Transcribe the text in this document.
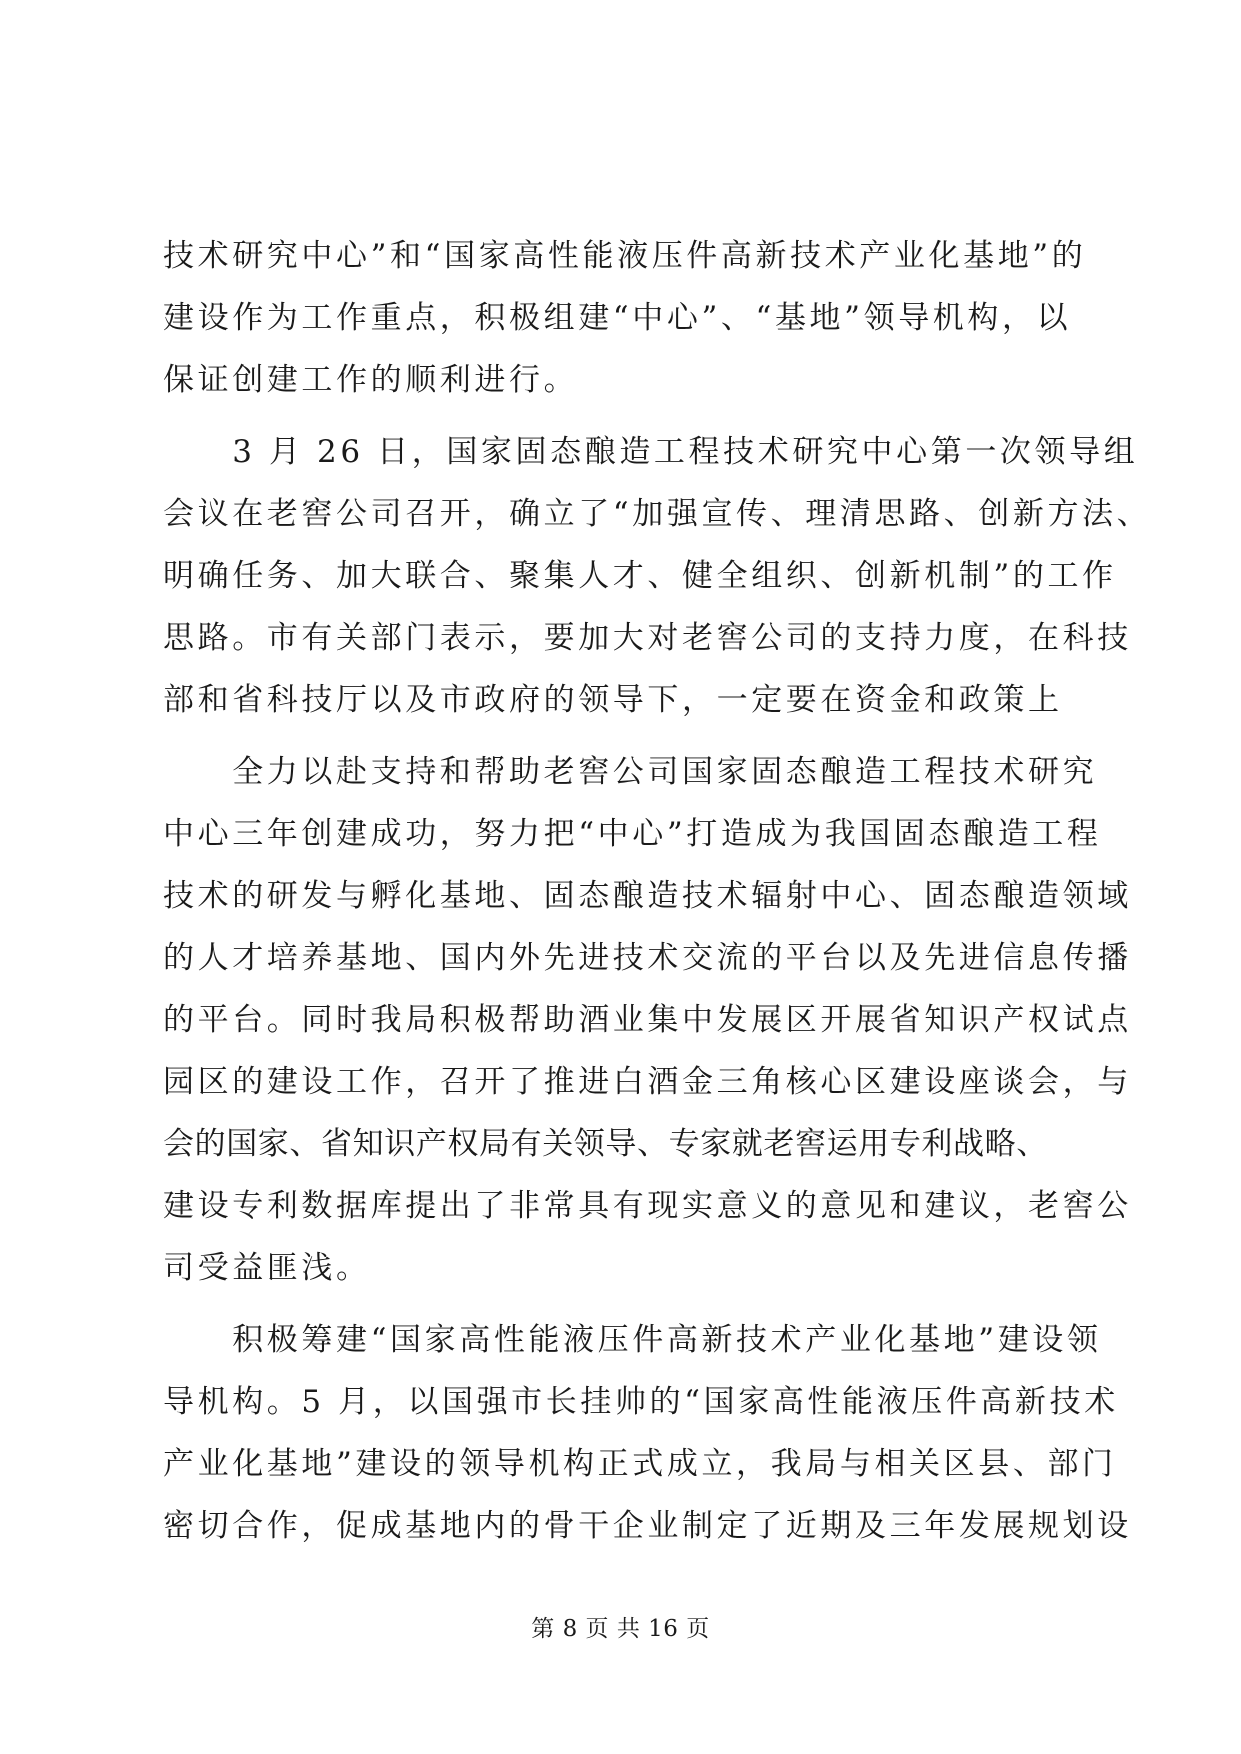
技术研究中心”和“国家高性能液压件高新技术产业化基地”的
建设作为工作重点，积极组建“中心”、“基地”领导机构，以
保证创建工作的顺利进行。
　　3 月 26 日，国家固态酿造工程技术研究中心第一次领导组
会议在老窖公司召开，确立了“加强宣传、理清思路、创新方法、
明确任务、加大联合、聚集人才、健全组织、创新机制”的工作
思路。市有关部门表示，要加大对老窖公司的支持力度，在科技
部和省科技厅以及市政府的领导下，一定要在资金和政策上
　　全力以赴支持和帮助老窖公司国家固态酿造工程技术研究
中心三年创建成功，努力把“中心”打造成为我国固态酿造工程
技术的研发与孵化基地、固态酿造技术辐射中心、固态酿造领域
的人才培养基地、国内外先进技术交流的平台以及先进信息传播
的平台。同时我局积极帮助酒业集中发展区开展省知识产权试点
园区的建设工作，召开了推进白酒金三角核心区建设座谈会，与
会的国家、省知识产权局有关领导、专家就老窖运用专利战略、
建设专利数据库提出了非常具有现实意义的意见和建议，老窖公
司受益匪浅。
　　积极筹建“国家高性能液压件高新技术产业化基地”建设领
导机构。5 月，以国强市长挂帅的“国家高性能液压件高新技术
产业化基地”建设的领导机构正式成立，我局与相关区县、部门
密切合作，促成基地内的骨干企业制定了近期及三年发展规划设
第 8 页 共 16 页
